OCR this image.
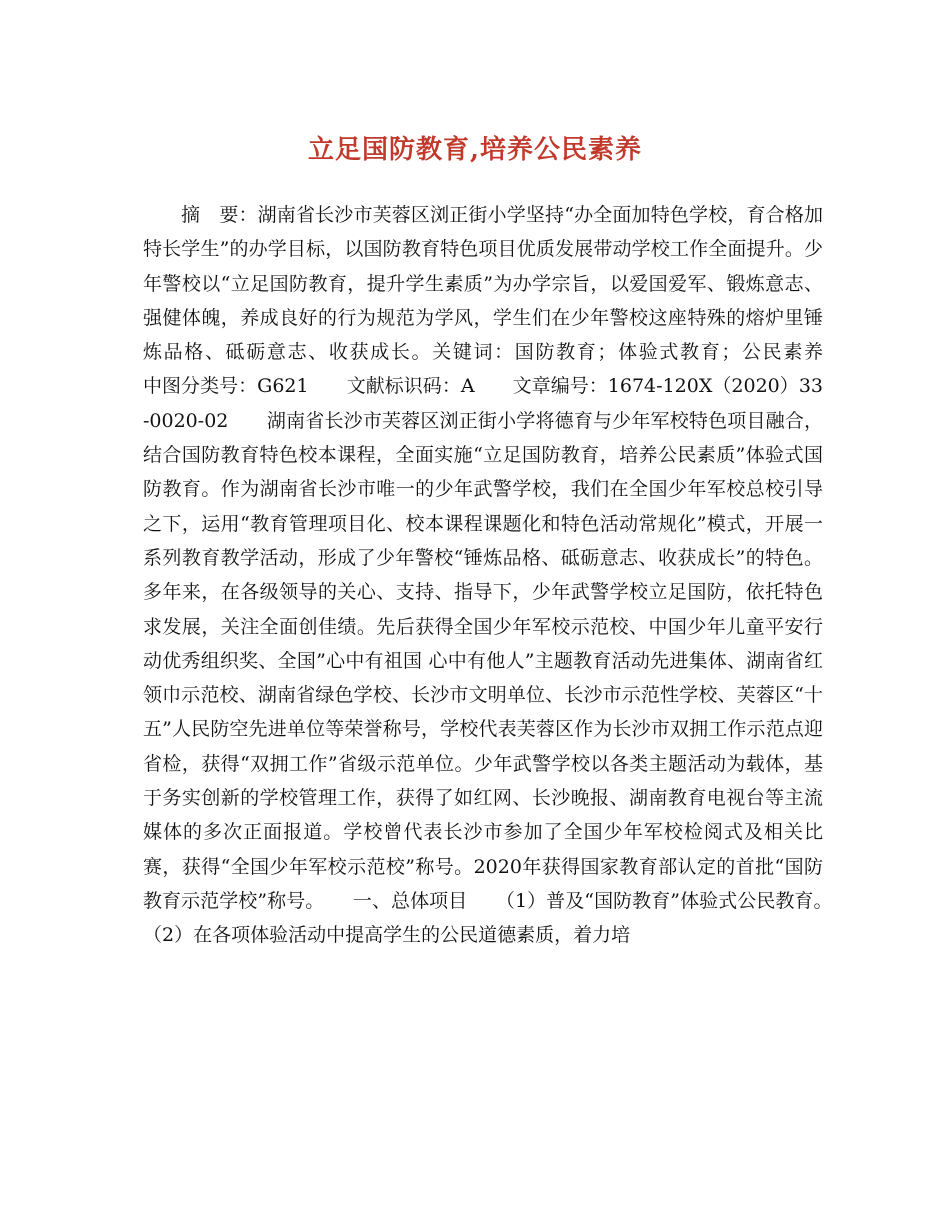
立足国防教育,培养公民素养
摘　要：湖南省长沙市芙蓉区浏正街小学坚持“办全面加特色学校，育合格加特长学生”的办学目标，以国防教育特色项目优质发展带动学校工作全面提升。少年警校以“立足国防教育，提升学生素质”为办学宗旨，以爱国爱军、锻炼意志、强健体魄，养成良好的行为规范为学风，学生们在少年警校这座特殊的熔炉里锤炼品格、砥砺意志、收获成长。关键词：国防教育；体验式教育；公民素养　　中图分类号：G621　　文献标识码：A　　文章编号：1674-120X（2020）33-0020-02　　湖南省长沙市芙蓉区浏正街小学将德育与少年军校特色项目融合，结合国防教育特色校本课程，全面实施“立足国防教育，培养公民素质”体验式国防教育。作为湖南省长沙市唯一的少年武警学校，我们在全国少年军校总校引导之下，运用“教育管理项目化、校本课程课题化和特色活动常规化”模式，开展一系列教育教学活动，形成了少年警校“锤炼品格、砥砺意志、收获成长”的特色。多年来，在各级领导的关心、支持、指导下，少年武警学校立足国防，依托特色求发展，关注全面创佳绩。先后获得全国少年军校示范校、中国少年儿童平安行动优秀组织奖、全国”心中有祖国 心中有他人”主题教育活动先进集体、湖南省红领巾示范校、湖南省绿色学校、长沙市文明单位、长沙市示范性学校、芙蓉区“十五”人民防空先进单位等荣誉称号，学校代表芙蓉区作为长沙市双拥工作示范点迎省检，获得“双拥工作”省级示范单位。少年武警学校以各类主题活动为载体，基于务实创新的学校管理工作，获得了如红网、长沙晚报、湖南教育电视台等主流媒体的多次正面报道。学校曾代表长沙市参加了全国少年军校检阅式及相关比赛，获得“全国少年军校示范校”称号。2020年获得国家教育部认定的首批“国防教育示范学校”称号。　　一、总体项目　　（1）普及“国防教育”体验式公民教育。　　（2）在各项体验活动中提高学生的公民道德素质，着力培
